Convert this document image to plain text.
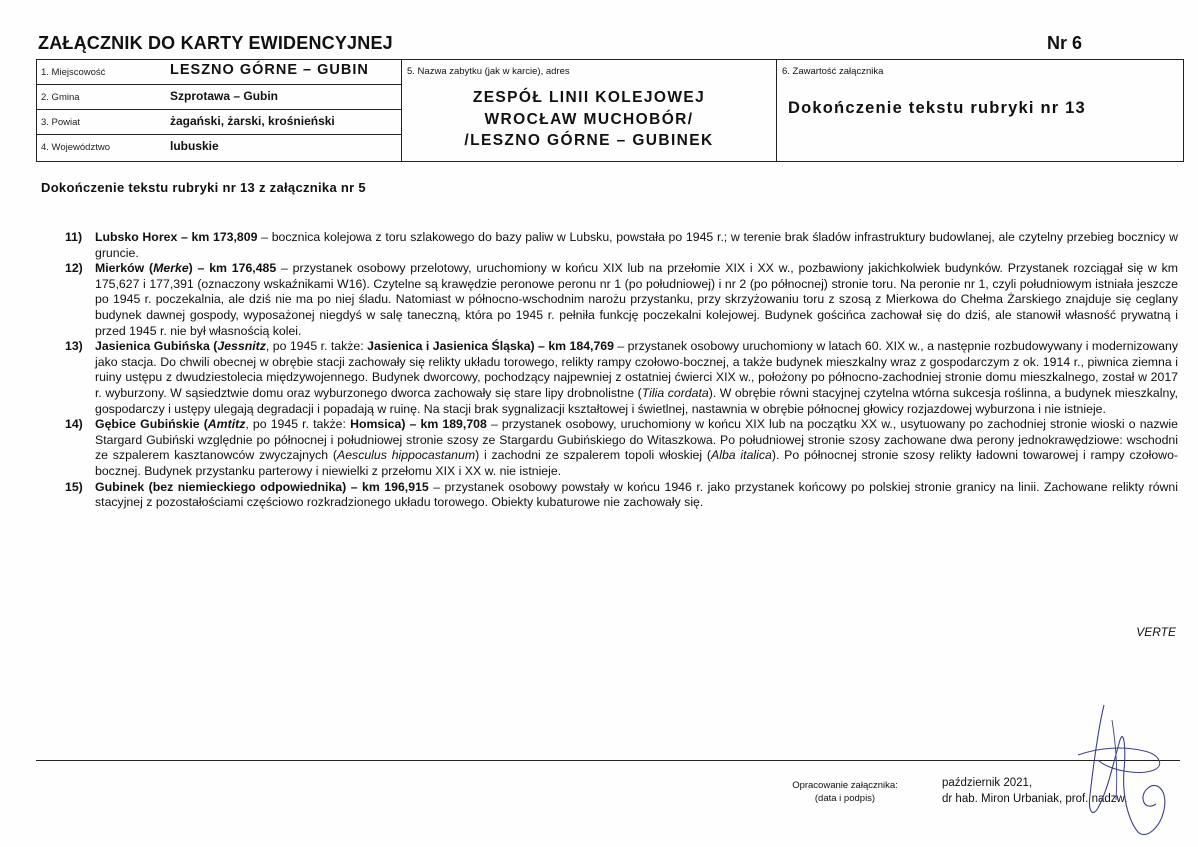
ZAŁĄCZNIK DO KARTY EWIDENCYJNEJ	Nr 6
1. Miejscowość	LESZNO GÓRNE – GUBIN
2. Gmina	Szprotawa – Gubin
3. Powiat	żagański, żarski, krośnieński
4. Województwo	lubuskie
5. Nazwa zabytku (jak w karcie), adres
ZESPÓŁ LINII KOLEJOWEJ
WROCŁAW MUCHOBÓR/
/LESZNO GÓRNE – GUBINEK
6. Zawartość załącznika
Dokończenie tekstu rubryki nr 13
Dokończenie tekstu rubryki nr 13 z załącznika nr 5
11)	Lubsko Horex – km 173,809 – bocznica kolejowa z toru szlakowego do bazy paliw w Lubsku, powstała po 1945 r.; w terenie brak śladów infrastruktury budowlanej, ale czytelny przebieg bocznicy w gruncie.
12) Mierków (Merke) – km 176,485 – przystanek osobowy przelotowy, uruchomiony w końcu XIX lub na przełomie XIX i XX w., pozbawiony jakichkolwiek budynków. Przystanek rozciągał się w km 175,627 i 177,391 (oznaczony wskaźnikami W16). Czytelne są krawędzie peronowe peronu nr 1 (po południowej) i nr 2 (po północnej) stronie toru. Na peronie nr 1, czyli południowym istniała jeszcze po 1945 r. poczekalnia, ale dziś nie ma po niej śladu. Natomiast w północno-wschodnim narożu przystanku, przy skrzyżowaniu toru z szosą z Mierkowa do Chełma Żarskiego znajduje się ceglany budynek dawnej gospody, wyposażonej niegdyś w salę taneczną, która po 1945 r. pełniła funkcję poczekalni kolejowej. Budynek gościńca zachował się do dziś, ale stanowił własność prywatną i przed 1945 r. nie był własnością kolei.
13) Jasienica Gubińska (Jessnitz, po 1945 r. także: Jasienica i Jasienica Śląska) – km 184,769 – przystanek osobowy uruchomiony w latach 60. XIX w., a następnie rozbudowywany i modernizowany jako stacja. Do chwili obecnej w obrębie stacji zachowały się relikty układu torowego, relikty rampy czołowo-bocznej, a także budynek mieszkalny wraz z gospodarczym z ok. 1914 r., piwnica ziemna i ruiny ustępu z dwudziestolecia międzywojennego. Budynek dworcowy, pochodzący najpewniej z ostatniej ćwierci XIX w., położony po północno-zachodniej stronie domu mieszkalnego, został w 2017 r. wyburzony. W sąsiedztwie domu oraz wyburzonego dworca zachowały się stare lipy drobnolistne (Tilia cordata). W obrębie równi stacyjnej czytelna wtórna sukcesja roślinna, a budynek mieszkalny, gospodarczy i ustępy ulegają degradacji i popadają w ruinę. Na stacji brak sygnalizacji kształtowej i świetlnej, nastawnia w obrębie północnej głowicy rozjazdowej wyburzona i nie istnieje.
14) Gębice Gubińskie (Amtitz, po 1945 r. także: Homsica) – km 189,708 – przystanek osobowy, uruchomiony w końcu XIX lub na początku XX w., usytuowany po zachodniej stronie wioski o nazwie Stargard Gubiński względnie po północnej i południowej stronie szosy ze Stargardu Gubińskiego do Witaszkowa. Po południowej stronie szosy zachowane dwa perony jednokrawędziowe: wschodni ze szpalerem kasztanowców zwyczajnych (Aesculus hippocastanum) i zachodni ze szpalerem topoli włoskiej (Alba italica). Po północnej stronie szosy relikty ładowni towarowej i rampy czołowo-bocznej. Budynek przystanku parterowy i niewielki z przełomu XIX i XX w. nie istnieje.
15) Gubinek (bez niemieckiego odpowiednika) – km 196,915 – przystanek osobowy powstały w końcu 1946 r. jako przystanek końcowy po polskiej stronie granicy na linii. Zachowane relikty równi stacyjnej z pozostałościami częściowo rozkradzionego układu torowego. Obiekty kubaturowe nie zachowały się.
VERTE
Opracowanie załącznika:
(data i podpis)
październik 2021,
dr hab. Miron Urbaniak, prof. nadzw.
